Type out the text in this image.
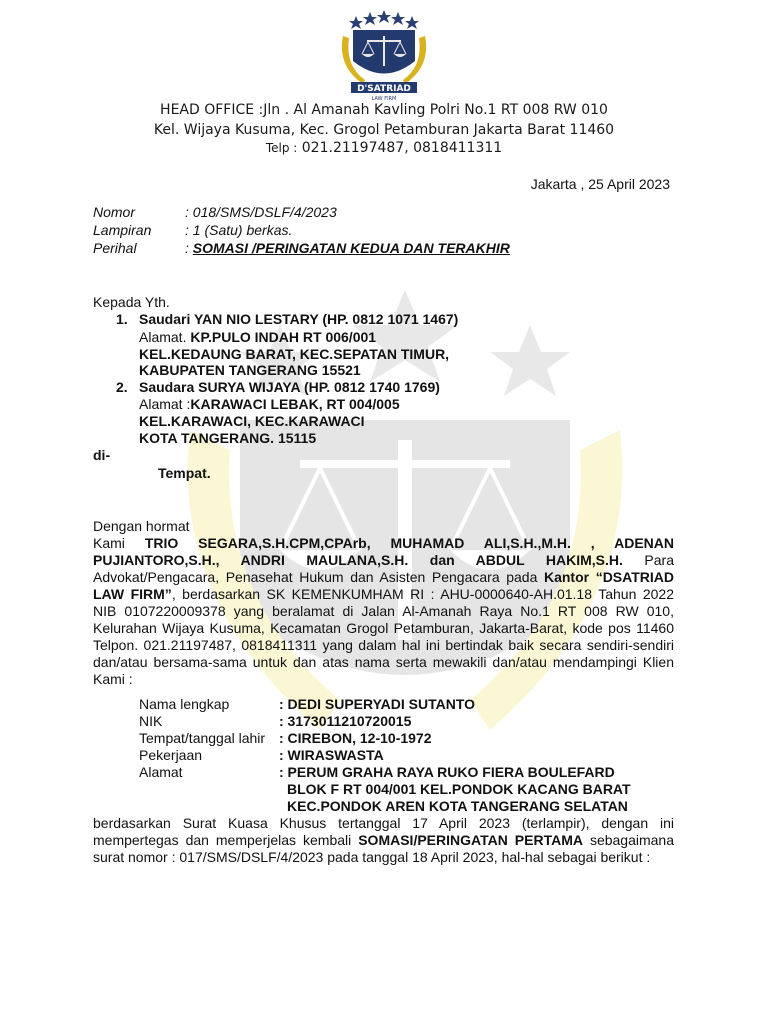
D'SATRIAD
LAW FIRM
HEAD OFFICE :Jln . Al Amanah Kavling Polri No.1 RT 008 RW 010
Kel. Wijaya Kusuma, Kec. Grogol Petamburan Jakarta Barat 11460
Telp : 021.21197487, 0818411311
Jakarta , 25 April 2023
Nomor	: 018/SMS/DSLF/4/2023
Lampiran : 1 (Satu) berkas.
Perihal	: SOMASI /PERINGATAN KEDUA DAN TERAKHIR
Kepada Yth.
1. Saudari YAN NIO LESTARY (HP. 0812 1071 1467)
Alamat. KP.PULO INDAH RT 006/001
KEL.KEDAUNG BARAT, KEC.SEPATAN TIMUR,
KABUPATEN TANGERANG 15521
2. Saudara SURYA WIJAYA (HP. 0812 1740 1769)
Alamat :KARAWACI LEBAK, RT 004/005
KEL.KARAWACI, KEC.KARAWACI
KOTA TANGERANG. 15115
di-
Tempat.
Dengan hormat
Kami TRIO SEGARA,S.H.CPM,CPArb, MUHAMAD ALI,S.H.,M.H. , ADENAN PUJIANTORO,S.H., ANDRI MAULANA,S.H. dan ABDUL HAKIM,S.H. Para Advokat/Pengacara, Penasehat Hukum dan Asisten Pengacara pada Kantor “DSATRIAD LAW FIRM”, berdasarkan SK KEMENKUMHAM RI : AHU-0000640-AH.01.18 Tahun 2022 NIB 0107220009378 yang beralamat di Jalan Al-Amanah Raya No.1 RT 008 RW 010, Kelurahan Wijaya Kusuma, Kecamatan Grogol Petamburan, Jakarta-Barat, kode pos 11460 Telpon. 021.21197487, 0818411311 yang dalam hal ini bertindak baik secara sendiri-sendiri dan/atau bersama-sama untuk dan atas nama serta mewakili dan/atau mendampingi Klien Kami :
Nama lengkap	: DEDI SUPERYADI SUTANTO
NIK	: 3173011210720015
Tempat/tanggal lahir : CIREBON, 12-10-1972
Pekerjaan	: WIRASWASTA
Alamat	: PERUM GRAHA RAYA RUKO FIERA BOULEFARD
BLOK F RT 004/001 KEL.PONDOK KACANG BARAT
KEC.PONDOK AREN KOTA TANGERANG SELATAN
berdasarkan Surat Kuasa Khusus tertanggal 17 April 2023 (terlampir), dengan ini mempertegas dan memperjelas kembali SOMASI/PERINGATAN PERTAMA sebagaimana surat nomor : 017/SMS/DSLF/4/2023 pada tanggal 18 April 2023, hal-hal sebagai berikut :
